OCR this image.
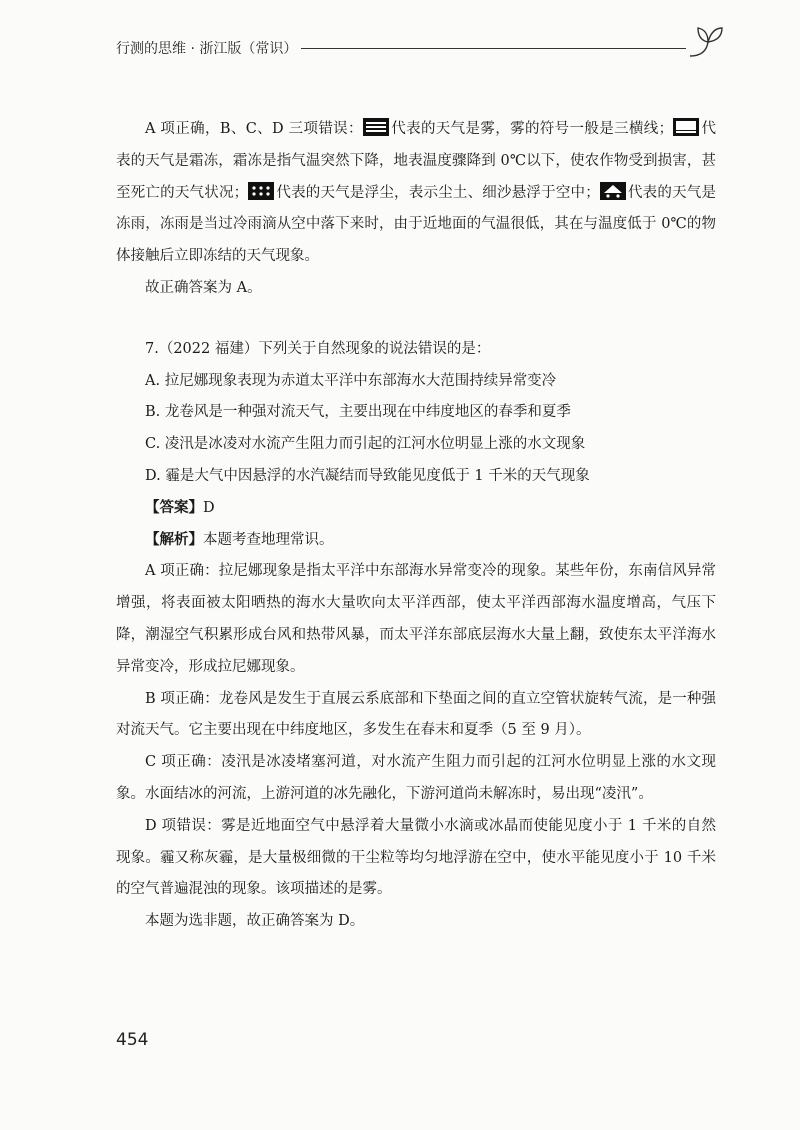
行测的思维 · 浙江版（常识）

A 项正确，B、C、D 三项错误： 代表的天气是雾，雾的符号一般是三横线； 代表的天气是霜冻，霜冻是指气温突然下降，地表温度骤降到 0℃以下，使农作物受到损害，甚至死亡的天气状况； 代表的天气是浮尘，表示尘土、细沙悬浮于空中； 代表的天气是冻雨，冻雨是当过冷雨滴从空中落下来时，由于近地面的气温很低，其在与温度低于 0℃的物体接触后立即冻结的天气现象。

故正确答案为 A。

7.（2022 福建）下列关于自然现象的说法错误的是：

A. 拉尼娜现象表现为赤道太平洋中东部海水大范围持续异常变冷

B. 龙卷风是一种强对流天气，主要出现在中纬度地区的春季和夏季

C. 凌汛是冰凌对水流产生阻力而引起的江河水位明显上涨的水文现象

D. 霾是大气中因悬浮的水汽凝结而导致能见度低于 1 千米的天气现象

【答案】D

【解析】本题考查地理常识。

A 项正确：拉尼娜现象是指太平洋中东部海水异常变冷的现象。某些年份，东南信风异常增强，将表面被太阳晒热的海水大量吹向太平洋西部，使太平洋西部海水温度增高，气压下降，潮湿空气积累形成台风和热带风暴，而太平洋东部底层海水大量上翻，致使东太平洋海水异常变冷，形成拉尼娜现象。

B 项正确：龙卷风是发生于直展云系底部和下垫面之间的直立空管状旋转气流，是一种强对流天气。它主要出现在中纬度地区，多发生在春末和夏季（5 至 9 月）。

C 项正确：凌汛是冰凌堵塞河道，对水流产生阻力而引起的江河水位明显上涨的水文现象。水面结冰的河流，上游河道的冰先融化，下游河道尚未解冻时，易出现“凌汛”。

D 项错误：雾是近地面空气中悬浮着大量微小水滴或冰晶而使能见度小于 1 千米的自然现象。霾又称灰霾，是大量极细微的干尘粒等均匀地浮游在空中，使水平能见度小于 10 千米的空气普遍混浊的现象。该项描述的是雾。

本题为选非题，故正确答案为 D。

454
